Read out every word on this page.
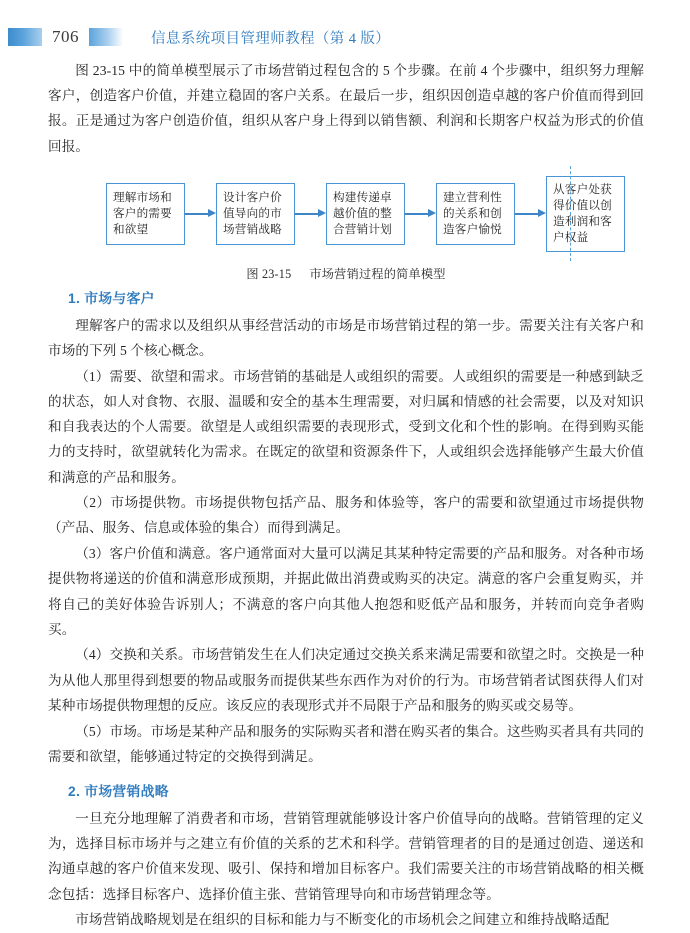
706	信息系统项目管理师教程（第 4 版）

图 23-15 中的简单模型展示了市场营销过程包含的 5 个步骤。在前 4 个步骤中，组织努力理解客户，创造客户价值，并建立稳固的客户关系。在最后一步，组织因创造卓越的客户价值而得到回报。正是通过为客户创造价值，组织从客户身上得到以销售额、利润和长期客户权益为形式的价值回报。

理解市场和客户的需要和欲望
设计客户价值导向的市场营销战略
构建传递卓越价值的整合营销计划
建立营利性的关系和创造客户愉悦
从客户处获得价值以创造利润和客户权益
图 23-15 市场营销过程的简单模型
1. 市场与客户

理解客户的需求以及组织从事经营活动的市场是市场营销过程的第一步。需要关注有关客户和市场的下列 5 个核心概念。

（1）需要、欲望和需求。市场营销的基础是人或组织的需要。人或组织的需要是一种感到缺乏的状态，如人对食物、衣服、温暖和安全的基本生理需要，对归属和情感的社会需要，以及对知识和自我表达的个人需要。欲望是人或组织需要的表现形式，受到文化和个性的影响。在得到购买能力的支持时，欲望就转化为需求。在既定的欲望和资源条件下，人或组织会选择能够产生最大价值和满意的产品和服务。

（2）市场提供物。市场提供物包括产品、服务和体验等，客户的需要和欲望通过市场提供物（产品、服务、信息或体验的集合）而得到满足。

（3）客户价值和满意。客户通常面对大量可以满足其某种特定需要的产品和服务。对各种市场提供物将递送的价值和满意形成预期，并据此做出消费或购买的决定。满意的客户会重复购买，并将自己的美好体验告诉别人；不满意的客户向其他人抱怨和贬低产品和服务，并转而向竞争者购买。

（4）交换和关系。市场营销发生在人们决定通过交换关系来满足需要和欲望之时。交换是一种为从他人那里得到想要的物品或服务而提供某些东西作为对价的行为。市场营销者试图获得人们对某种市场提供物理想的反应。该反应的表现形式并不局限于产品和服务的购买或交易等。

（5）市场。市场是某种产品和服务的实际购买者和潜在购买者的集合。这些购买者具有共同的需要和欲望，能够通过特定的交换得到满足。

2. 市场营销战略

一旦充分地理解了消费者和市场，营销管理就能够设计客户价值导向的战略。营销管理的定义为，选择目标市场并与之建立有价值的关系的艺术和科学。营销管理者的目的是通过创造、递送和沟通卓越的客户价值来发现、吸引、保持和增加目标客户。我们需要关注的市场营销战略的相关概念包括：选择目标客户、选择价值主张、营销管理导向和市场营销理念等。

市场营销战略规划是在组织的目标和能力与不断变化的市场机会之间建立和维持战略适配
